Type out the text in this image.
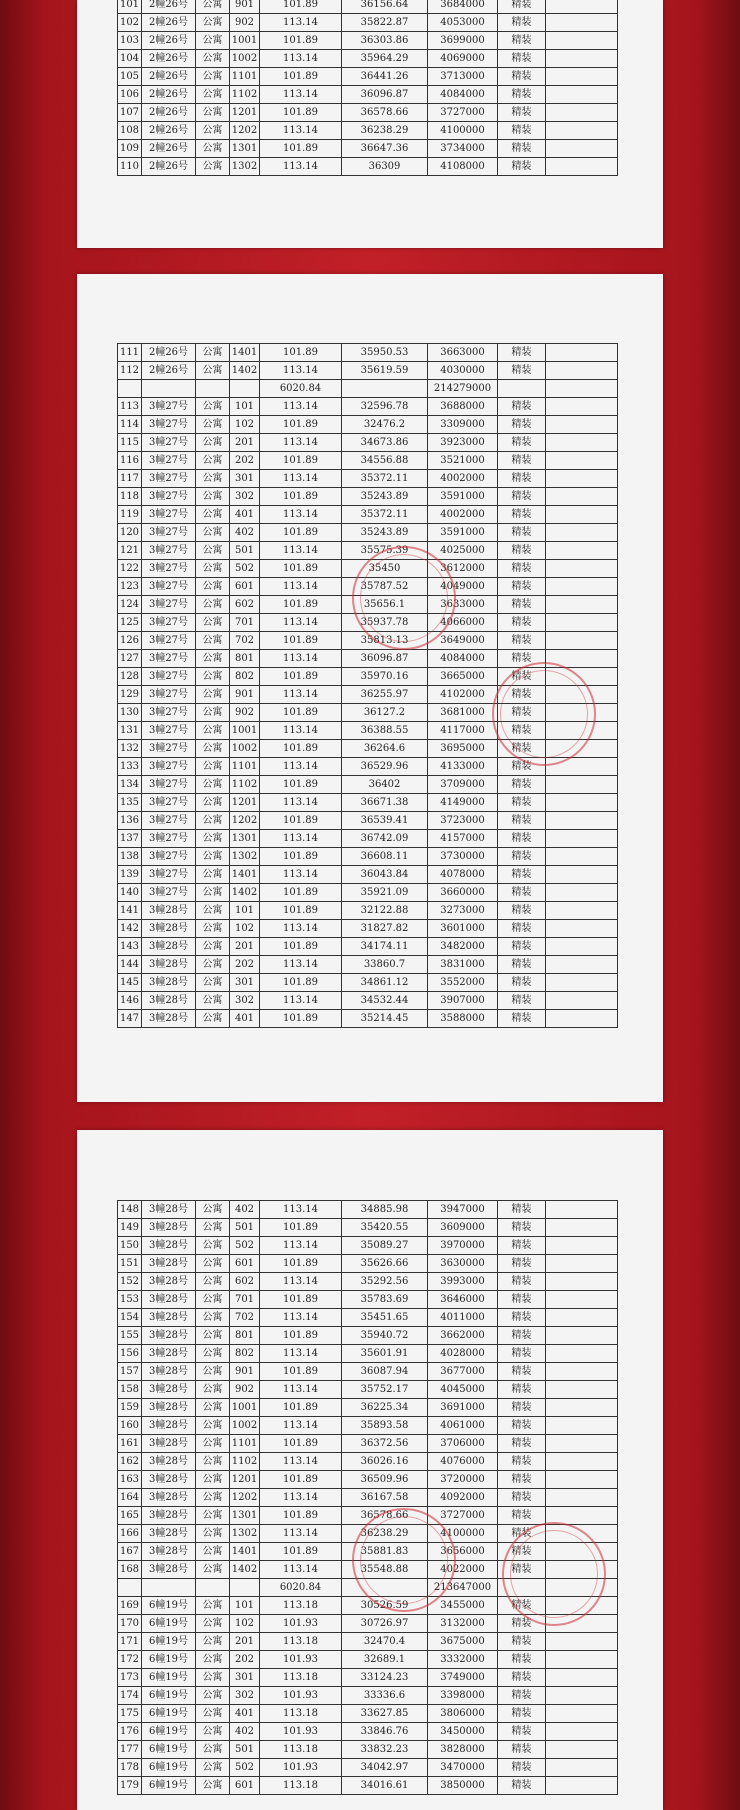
101	2幢26号	公寓	901	101.89	36156.64	3684000	精装	
102	2幢26号	公寓	902	113.14	35822.87	4053000	精装	
103	2幢26号	公寓	1001	101.89	36303.86	3699000	精装	
104	2幢26号	公寓	1002	113.14	35964.29	4069000	精装	
105	2幢26号	公寓	1101	101.89	36441.26	3713000	精装	
106	2幢26号	公寓	1102	113.14	36096.87	4084000	精装	
107	2幢26号	公寓	1201	101.89	36578.66	3727000	精装	
108	2幢26号	公寓	1202	113.14	36238.29	4100000	精装	
109	2幢26号	公寓	1301	101.89	36647.36	3734000	精装	
110	2幢26号	公寓	1302	113.14	36309	4108000	精装	
111	2幢26号	公寓	1401	101.89	35950.53	3663000	精装	
112	2幢26号	公寓	1402	113.14	35619.59	4030000	精装	
				6020.84		214279000		
113	3幢27号	公寓	101	113.14	32596.78	3688000	精装	
114	3幢27号	公寓	102	101.89	32476.2	3309000	精装	
115	3幢27号	公寓	201	113.14	34673.86	3923000	精装	
116	3幢27号	公寓	202	101.89	34556.88	3521000	精装	
117	3幢27号	公寓	301	113.14	35372.11	4002000	精装	
118	3幢27号	公寓	302	101.89	35243.89	3591000	精装	
119	3幢27号	公寓	401	113.14	35372.11	4002000	精装	
120	3幢27号	公寓	402	101.89	35243.89	3591000	精装	
121	3幢27号	公寓	501	113.14	35575.39	4025000	精装	
122	3幢27号	公寓	502	101.89	35450	3612000	精装	
123	3幢27号	公寓	601	113.14	35787.52	4049000	精装	
124	3幢27号	公寓	602	101.89	35656.1	3633000	精装	
125	3幢27号	公寓	701	113.14	35937.78	4066000	精装	
126	3幢27号	公寓	702	101.89	35813.13	3649000	精装	
127	3幢27号	公寓	801	113.14	36096.87	4084000	精装	
128	3幢27号	公寓	802	101.89	35970.16	3665000	精装	
129	3幢27号	公寓	901	113.14	36255.97	4102000	精装	
130	3幢27号	公寓	902	101.89	36127.2	3681000	精装	
131	3幢27号	公寓	1001	113.14	36388.55	4117000	精装	
132	3幢27号	公寓	1002	101.89	36264.6	3695000	精装	
133	3幢27号	公寓	1101	113.14	36529.96	4133000	精装	
134	3幢27号	公寓	1102	101.89	36402	3709000	精装	
135	3幢27号	公寓	1201	113.14	36671.38	4149000	精装	
136	3幢27号	公寓	1202	101.89	36539.41	3723000	精装	
137	3幢27号	公寓	1301	113.14	36742.09	4157000	精装	
138	3幢27号	公寓	1302	101.89	36608.11	3730000	精装	
139	3幢27号	公寓	1401	113.14	36043.84	4078000	精装	
140	3幢27号	公寓	1402	101.89	35921.09	3660000	精装	
141	3幢28号	公寓	101	101.89	32122.88	3273000	精装	
142	3幢28号	公寓	102	113.14	31827.82	3601000	精装	
143	3幢28号	公寓	201	101.89	34174.11	3482000	精装	
144	3幢28号	公寓	202	113.14	33860.7	3831000	精装	
145	3幢28号	公寓	301	101.89	34861.12	3552000	精装	
146	3幢28号	公寓	302	113.14	34532.44	3907000	精装	
147	3幢28号	公寓	401	101.89	35214.45	3588000	精装	
148	3幢28号	公寓	402	113.14	34885.98	3947000	精装	
149	3幢28号	公寓	501	101.89	35420.55	3609000	精装	
150	3幢28号	公寓	502	113.14	35089.27	3970000	精装	
151	3幢28号	公寓	601	101.89	35626.66	3630000	精装	
152	3幢28号	公寓	602	113.14	35292.56	3993000	精装	
153	3幢28号	公寓	701	101.89	35783.69	3646000	精装	
154	3幢28号	公寓	702	113.14	35451.65	4011000	精装	
155	3幢28号	公寓	801	101.89	35940.72	3662000	精装	
156	3幢28号	公寓	802	113.14	35601.91	4028000	精装	
157	3幢28号	公寓	901	101.89	36087.94	3677000	精装	
158	3幢28号	公寓	902	113.14	35752.17	4045000	精装	
159	3幢28号	公寓	1001	101.89	36225.34	3691000	精装	
160	3幢28号	公寓	1002	113.14	35893.58	4061000	精装	
161	3幢28号	公寓	1101	101.89	36372.56	3706000	精装	
162	3幢28号	公寓	1102	113.14	36026.16	4076000	精装	
163	3幢28号	公寓	1201	101.89	36509.96	3720000	精装	
164	3幢28号	公寓	1202	113.14	36167.58	4092000	精装	
165	3幢28号	公寓	1301	101.89	36578.66	3727000	精装	
166	3幢28号	公寓	1302	113.14	36238.29	4100000	精装	
167	3幢28号	公寓	1401	101.89	35881.83	3656000	精装	
168	3幢28号	公寓	1402	113.14	35548.88	4022000	精装	
				6020.84		213647000		
169	6幢19号	公寓	101	113.18	30526.59	3455000	精装	
170	6幢19号	公寓	102	101.93	30726.97	3132000	精装	
171	6幢19号	公寓	201	113.18	32470.4	3675000	精装	
172	6幢19号	公寓	202	101.93	32689.1	3332000	精装	
173	6幢19号	公寓	301	113.18	33124.23	3749000	精装	
174	6幢19号	公寓	302	101.93	33336.6	3398000	精装	
175	6幢19号	公寓	401	113.18	33627.85	3806000	精装	
176	6幢19号	公寓	402	101.93	33846.76	3450000	精装	
177	6幢19号	公寓	501	113.18	33832.23	3828000	精装	
178	6幢19号	公寓	502	101.93	34042.97	3470000	精装	
179	6幢19号	公寓	601	113.18	34016.61	3850000	精装	
